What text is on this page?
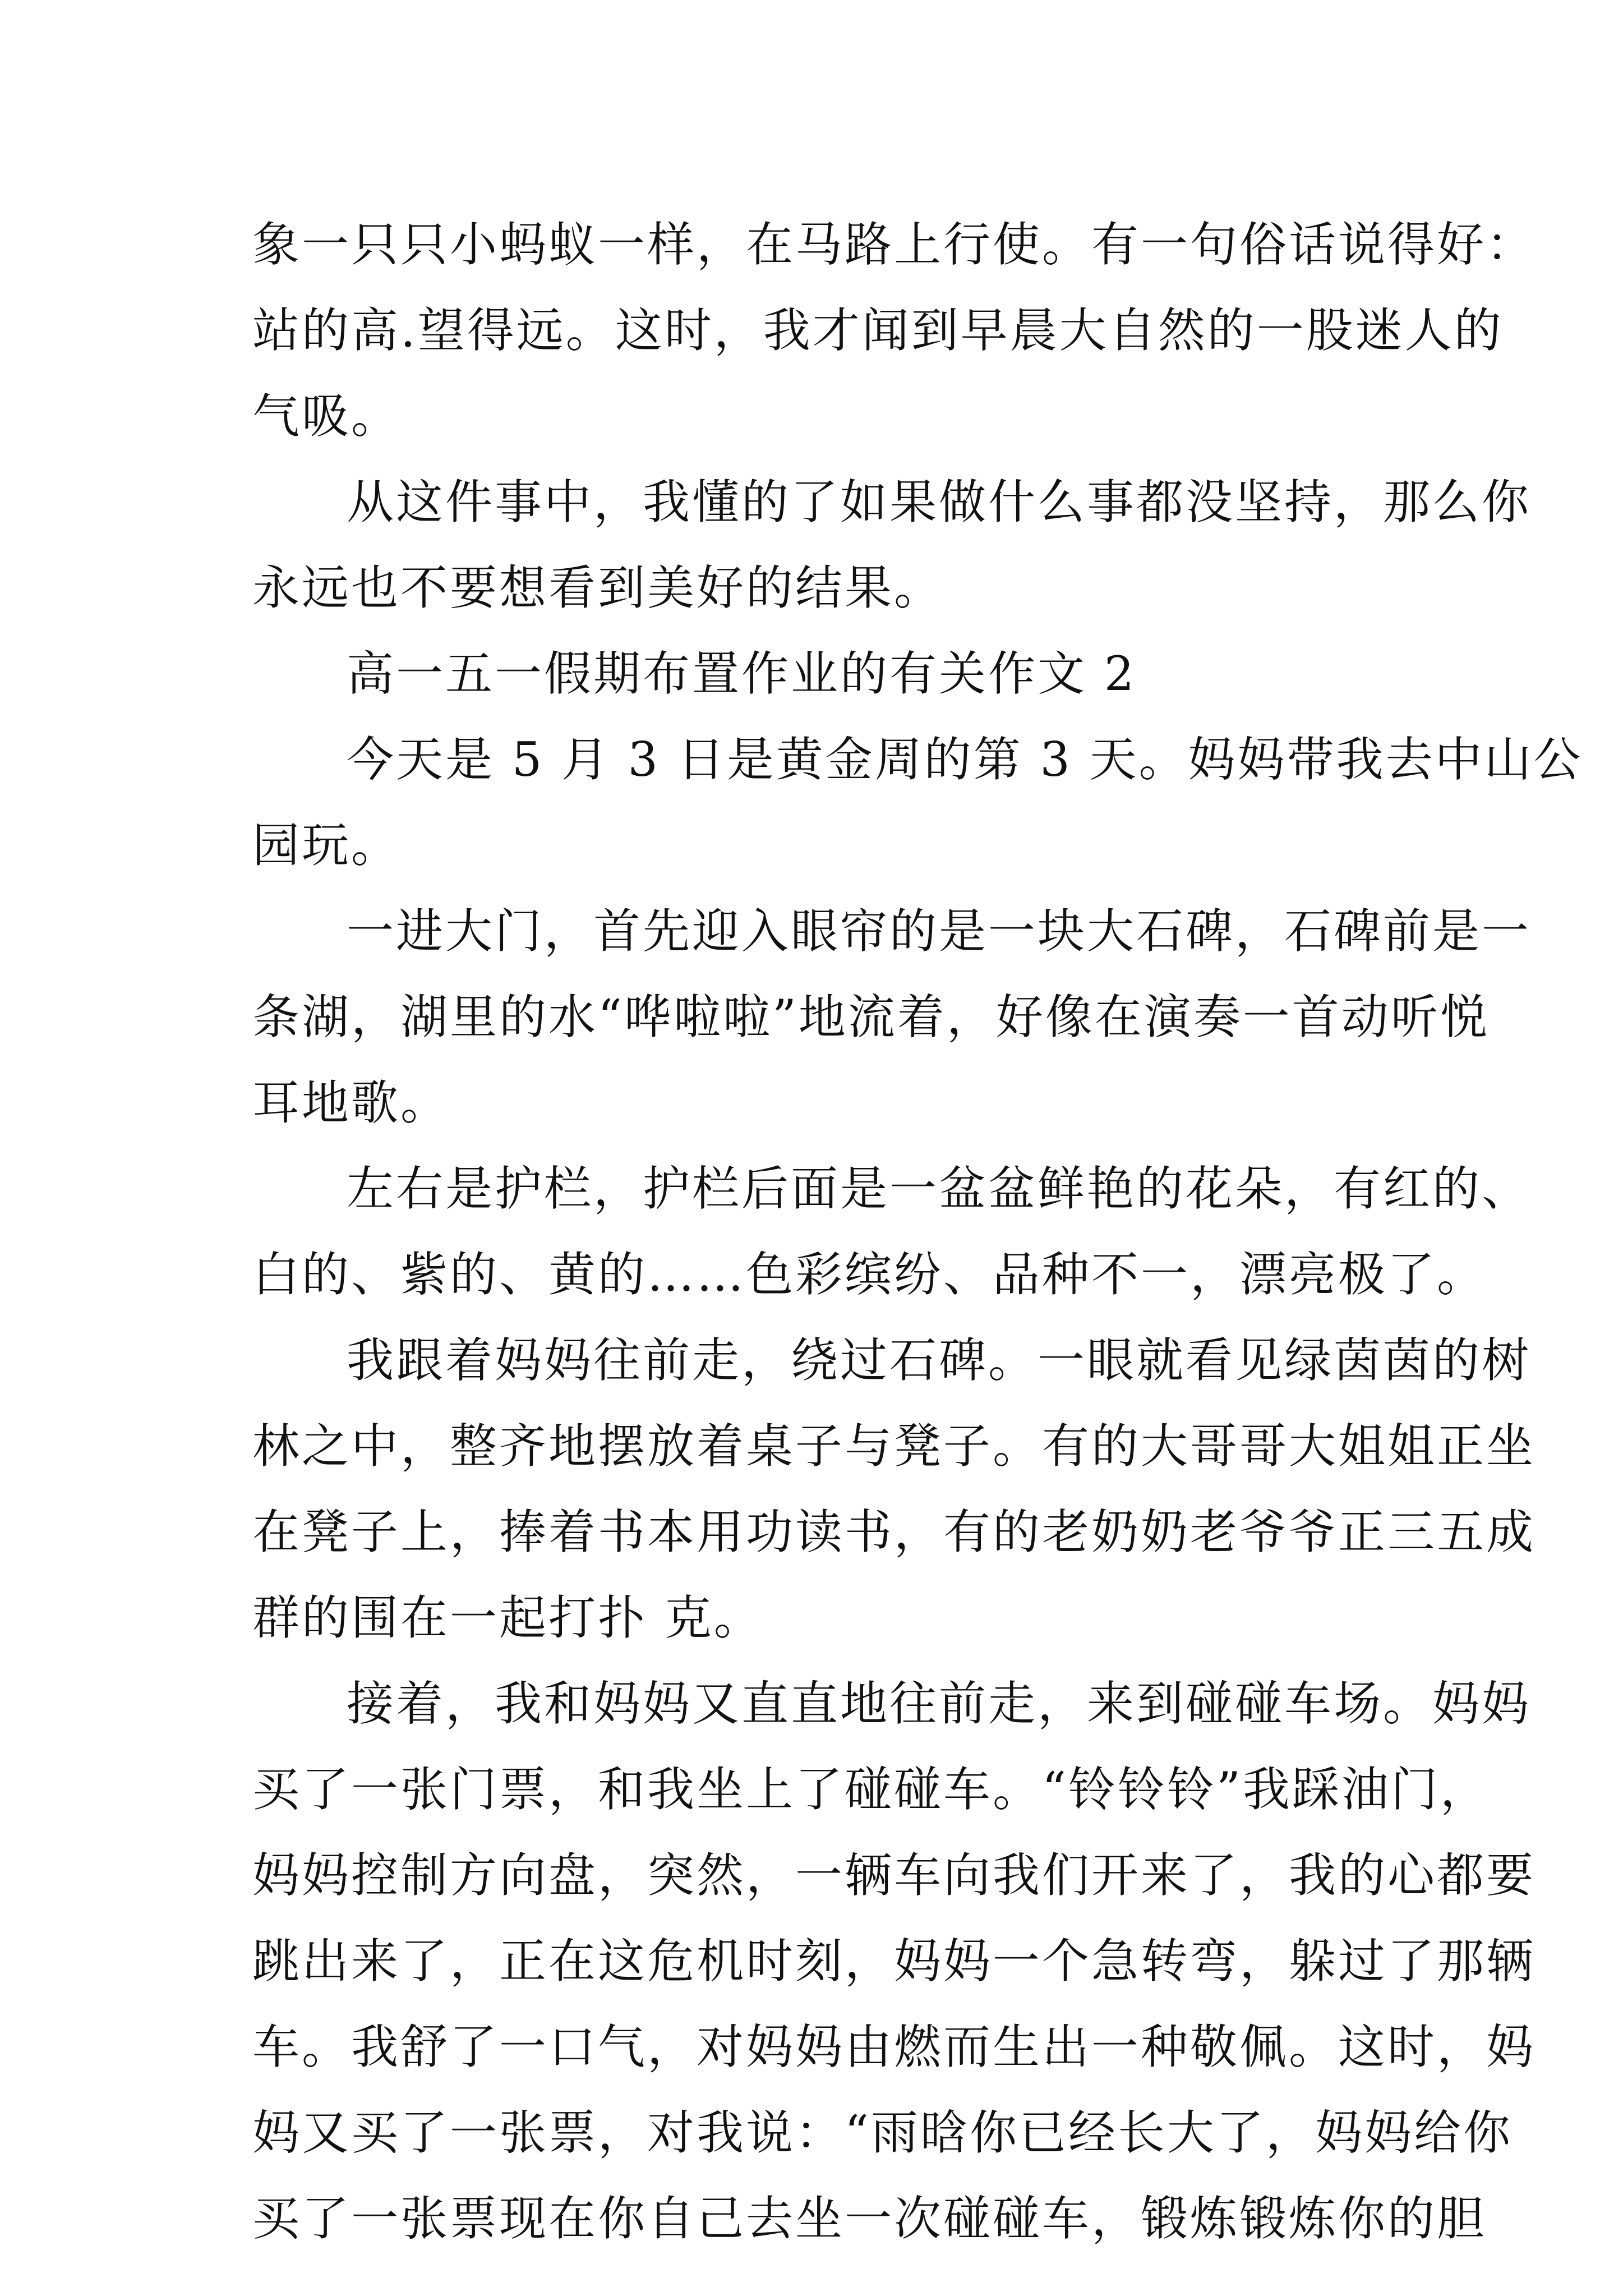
象一只只小蚂蚁一样，在马路上行使。有一句俗话说得好：
站的高.望得远。这时，我才闻到早晨大自然的一股迷人的
气吸。
从这件事中，我懂的了如果做什么事都没坚持，那么你
永远也不要想看到美好的结果。
高一五一假期布置作业的有关作文 2
今天是 5 月 3 日是黄金周的第 3 天。妈妈带我去中山公
园玩。
一进大门，首先迎入眼帘的是一块大石碑，石碑前是一
条湖，湖里的水“哗啦啦”地流着，好像在演奏一首动听悦
耳地歌。
左右是护栏，护栏后面是一盆盆鲜艳的花朵，有红的、
白的、紫的、黄的……色彩缤纷、品种不一，漂亮极了。
我跟着妈妈往前走，绕过石碑。一眼就看见绿茵茵的树
林之中，整齐地摆放着桌子与凳子。有的大哥哥大姐姐正坐
在凳子上，捧着书本用功读书，有的老奶奶老爷爷正三五成
群的围在一起打扑 克。
接着，我和妈妈又直直地往前走，来到碰碰车场。妈妈
买了一张门票，和我坐上了碰碰车。“铃铃铃”我踩油门，
妈妈控制方向盘，突然，一辆车向我们开来了，我的心都要
跳出来了，正在这危机时刻，妈妈一个急转弯，躲过了那辆
车。我舒了一口气，对妈妈由燃而生出一种敬佩。这时，妈
妈又买了一张票，对我说：“雨晗你已经长大了，妈妈给你
买了一张票现在你自己去坐一次碰碰车，锻炼锻炼你的胆
